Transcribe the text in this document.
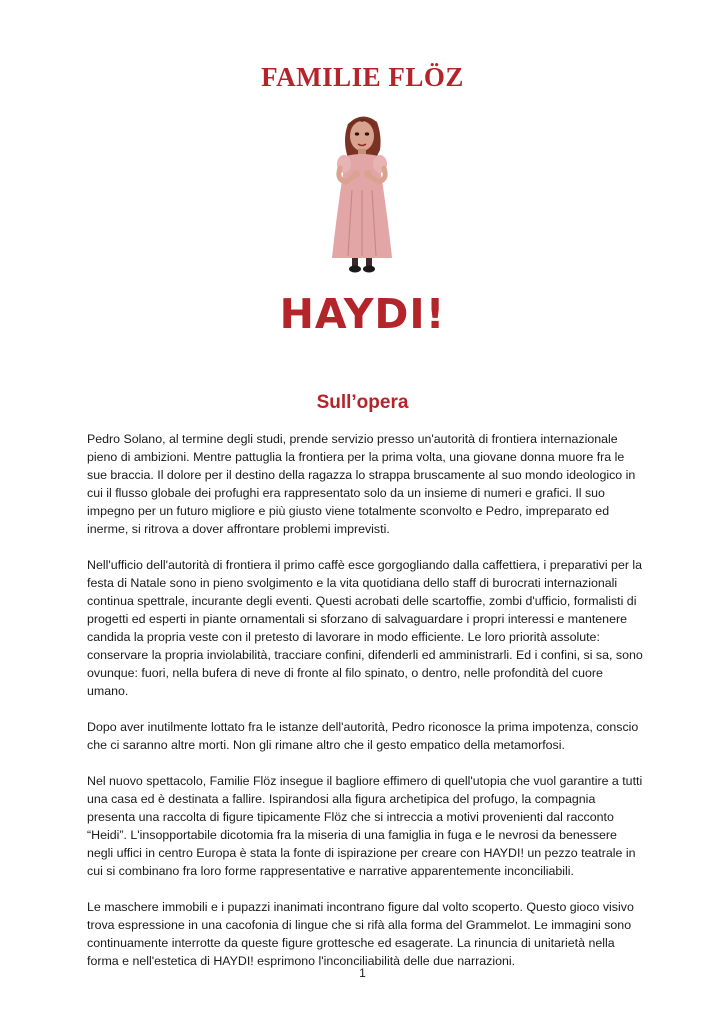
FAMILIE FLÖZ
HAYDI!
Sull’opera

Pedro Solano, al termine degli studi, prende servizio presso un'autorità di frontiera internazionale pieno di ambizioni. Mentre pattuglia la frontiera per la prima volta, una giovane donna muore fra le sue braccia. Il dolore per il destino della ragazza lo strappa bruscamente al suo mondo ideologico in cui il flusso globale dei profughi era rappresentato solo da un insieme di numeri e grafici. Il suo impegno per un futuro migliore e più giusto viene totalmente sconvolto e Pedro, impreparato ed inerme, si ritrova a dover affrontare problemi imprevisti.

Nell'ufficio dell'autorità di frontiera il primo caffè esce gorgogliando dalla caffettiera, i preparativi per la festa di Natale sono in pieno svolgimento e la vita quotidiana dello staff di burocrati internazionali continua spettrale, incurante degli eventi. Questi acrobati delle scartoffie, zombi d'ufficio, formalisti di progetti ed esperti in piante ornamentali si sforzano di salvaguardare i propri interessi e mantenere candida la propria veste con il pretesto di lavorare in modo efficiente. Le loro priorità assolute: conservare la propria inviolabilità, tracciare confini, difenderli ed amministrarli. Ed i confini, si sa, sono ovunque: fuori, nella bufera di neve di fronte al filo spinato, o dentro, nelle profondità del cuore umano.

Dopo aver inutilmente lottato fra le istanze dell'autorità, Pedro riconosce la prima impotenza, conscio che ci saranno altre morti. Non gli rimane altro che il gesto empatico della metamorfosi.

Nel nuovo spettacolo, Familie Flöz insegue il bagliore effimero di quell'utopia che vuol garantire a tutti una casa ed è destinata a fallire. Ispirandosi alla figura archetipica del profugo, la compagnia presenta una raccolta di figure tipicamente Flöz che si intreccia a motivi provenienti dal racconto “Heidi”. L'insopportabile dicotomia fra la miseria di una famiglia in fuga e le nevrosi da benessere negli uffici in centro Europa è stata la fonte di ispirazione per creare con HAYDI! un pezzo teatrale in cui si combinano fra loro forme rappresentative e narrative apparentemente inconciliabili.

Le maschere immobili e i pupazzi inanimati incontrano figure dal volto scoperto. Questo gioco visivo trova espressione in una cacofonia di lingue che si rifà alla forma del Grammelot. Le immagini sono continuamente interrotte da queste figure grottesche ed esagerate. La rinuncia di unitarietà nella forma e nell'estetica di HAYDI! esprimono l'inconciliabilità delle due narrazioni.

1
